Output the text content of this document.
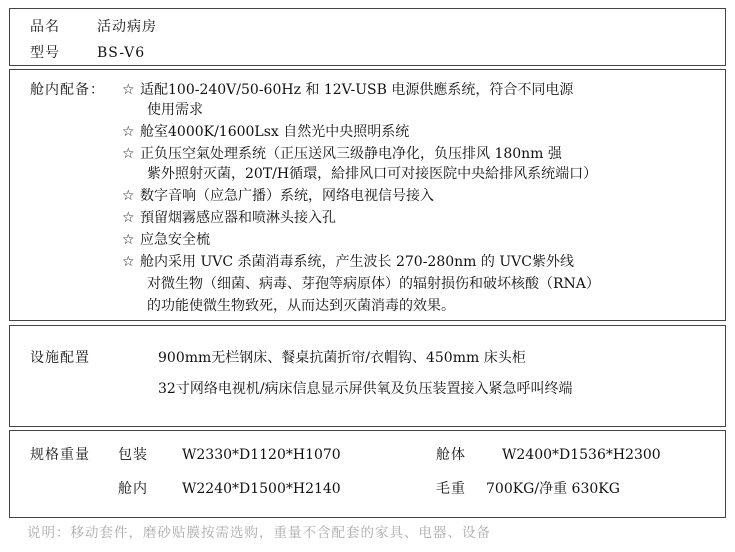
品名	活动病房
型号	BS-V6
舱内配备： ☆ 适配100-240V/50-60Hz 和 12V-USB 电源供應系统，符合不同电源
使用需求
☆ 舱室4000K/1600Lsx 自然光中央照明系统
☆ 正负压空氣处理系统（正压送风三级静电净化，负压排风 180nm 强
紫外照射灭菌，20T/H循環，給排风口可对接医院中央給排风系统端口）
☆ 数字音响（应急广播）系统，网络电视信号接入
☆ 預留烟霧感应器和喷淋头接入孔
☆ 应急安全梳
☆ 舱内采用 UVC 杀菌消毒系统，产生波长 270-280nm 的 UVC紫外线
对微生物（细菌、病毒、芽孢等病原体）的辐射损伤和破坏核酸（RNA）
的功能使微生物致死，从而达到灭菌消毒的效果。
设施配置	900mm无栏钢床、餐桌抗菌折帘/衣帽钩、450mm 床头柜
32寸网络电视机/病床信息显示屏供氧及负压装置接入紧急呼叫终端
规格重量 包装 W2330*D1120*H1070	舱体	W2400*D1536*H2300
舱内 W2240*D1500*H2140	毛重 700KG/净重 630KG
说明：移动套件，磨砂贴膜按需选购，重量不含配套的家具、电器、设备
